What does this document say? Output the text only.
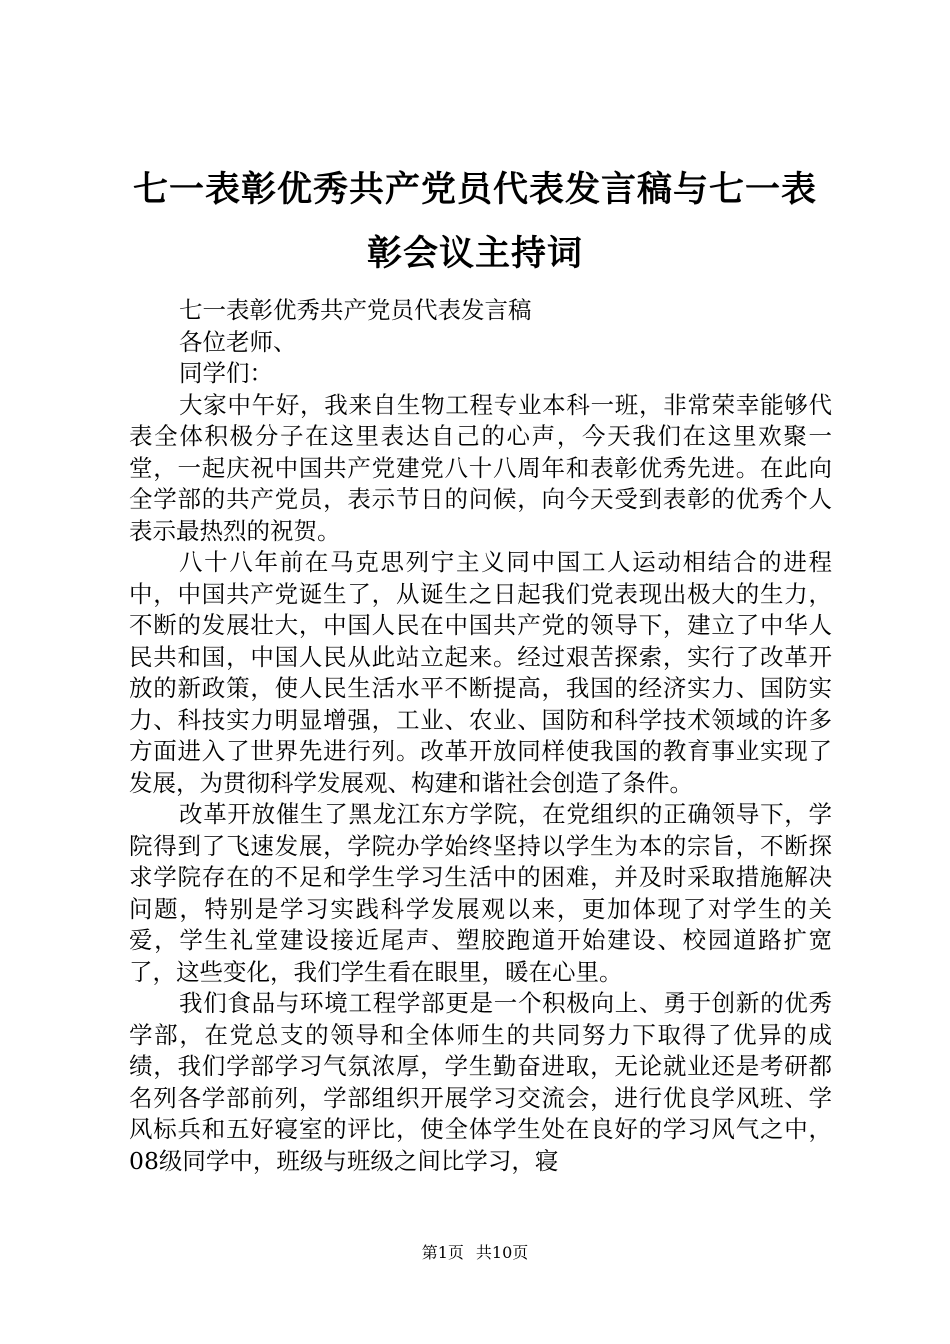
七一表彰优秀共产党员代表发言稿与七一表彰会议主持词

七一表彰优秀共产党员代表发言稿

各位老师、

同学们：

大家中午好，我来自生物工程专业本科一班，非常荣幸能够代表全体积极分子在这里表达自己的心声，今天我们在这里欢聚一堂，一起庆祝中国共产党建党八十八周年和表彰优秀先进。在此向全学部的共产党员，表示节日的问候，向今天受到表彰的优秀个人表示最热烈的祝贺。

八十八年前在马克思列宁主义同中国工人运动相结合的进程中，中国共产党诞生了，从诞生之日起我们党表现出极大的生力，不断的发展壮大，中国人民在中国共产党的领导下，建立了中华人民共和国，中国人民从此站立起来。经过艰苦探索，实行了改革开放的新政策，使人民生活水平不断提高，我国的经济实力、国防实力、科技实力明显增强，工业、农业、国防和科学技术领域的许多方面进入了世界先进行列。改革开放同样使我国的教育事业实现了发展，为贯彻科学发展观、构建和谐社会创造了条件。

改革开放催生了黑龙江东方学院，在党组织的正确领导下，学院得到了飞速发展，学院办学始终坚持以学生为本的宗旨，不断探求学院存在的不足和学生学习生活中的困难，并及时采取措施解决问题，特别是学习实践科学发展观以来，更加体现了对学生的关爱，学生礼堂建设接近尾声、塑胶跑道开始建设、校园道路扩宽了，这些变化，我们学生看在眼里，暖在心里。

我们食品与环境工程学部更是一个积极向上、勇于创新的优秀学部，在党总支的领导和全体师生的共同努力下取得了优异的成绩，我们学部学习气氛浓厚，学生勤奋进取，无论就业还是考研都名列各学部前列，学部组织开展学习交流会，进行优良学风班、学风标兵和五好寝室的评比，使全体学生处在良好的学习风气之中，08级同学中，班级与班级之间比学习，寝

第1页 共10页
